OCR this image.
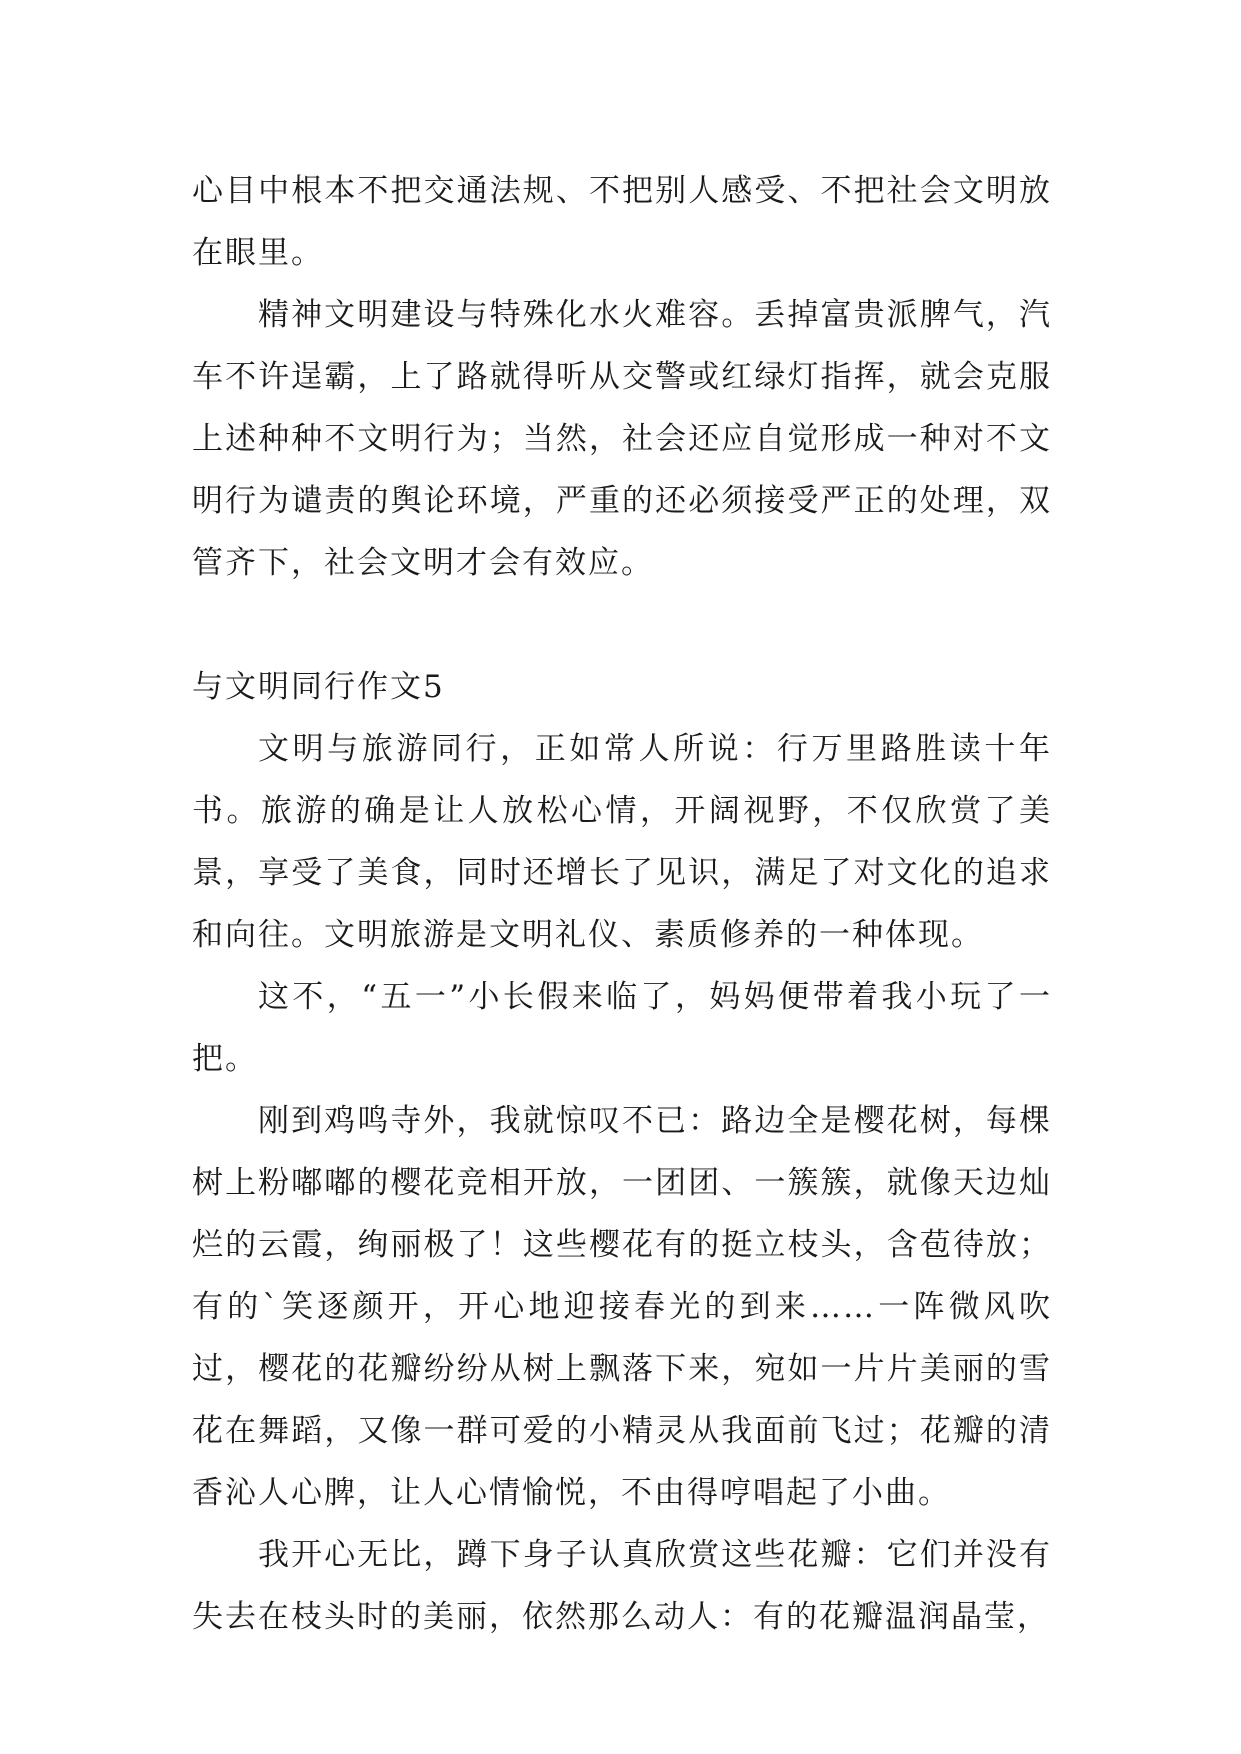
心目中根本不把交通法规、不把别人感受、不把社会文明放在眼里。

精神文明建设与特殊化水火难容。丢掉富贵派脾气，汽车不许逞霸，上了路就得听从交警或红绿灯指挥，就会克服上述种种不文明行为；当然，社会还应自觉形成一种对不文明行为谴责的舆论环境，严重的还必须接受严正的处理，双管齐下，社会文明才会有效应。

与文明同行作文5

文明与旅游同行，正如常人所说：行万里路胜读十年书。旅游的确是让人放松心情，开阔视野，不仅欣赏了美景，享受了美食，同时还增长了见识，满足了对文化的追求和向往。文明旅游是文明礼仪、素质修养的一种体现。

这不，“五一”小长假来临了，妈妈便带着我小玩了一把。

刚到鸡鸣寺外，我就惊叹不已：路边全是樱花树，每棵树上粉嘟嘟的樱花竞相开放，一团团、一簇簇，就像天边灿烂的云霞，绚丽极了！这些樱花有的挺立枝头，含苞待放；有的`笑逐颜开，开心地迎接春光的到来……一阵微风吹过，樱花的花瓣纷纷从树上飘落下来，宛如一片片美丽的雪花在舞蹈，又像一群可爱的小精灵从我面前飞过；花瓣的清香沁人心脾，让人心情愉悦，不由得哼唱起了小曲。

我开心无比，蹲下身子认真欣赏这些花瓣：它们并没有失去在枝头时的美丽，依然那么动人：有的花瓣温润晶莹，
